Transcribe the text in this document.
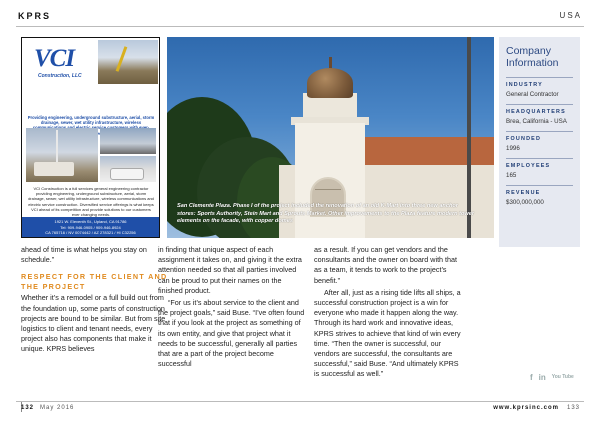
KPRS	USA
VCI
Construction, LLC
Providing engineering, underground substructure, aerial, storm drainage, sewer, wet utility infrastructure, wireless service
VCI Construction is a full services general engineering contractor providing engineering, underground substructure, aerial, storm drainage, sewer, wet utility infrastructure, wireless communications and electric service construction. Diversified service offerings is what keeps VCI ahead of its competition and provide solutions to our customers ever changing needs.
1921 W. Eleventh St., Upland, CA 91786
Tel: 909-946-0905 / 909-946-8924
CA 765716 / NV 0074442 / AZ 278321 / HI C32256
San Clemente Plaza. Phase I of the project included the renovation of an old K-Mart into three new anchor stores: Sports Authority, Stein Mart and Sprouts Market. Other improvements to the Plaza feature modern tower elements on the facade, with copper domes
Company Information
INDUSTRY
General Contractor
HEADQUARTERS
Brea, California - USA
FOUNDED
1996
EMPLOYEES
165
REVENUE
$300,000,000

ahead of time is what helps you stay on schedule.”

RESPECT FOR THE CLIENT AND THE PROJECT

Whether it’s a remodel or a full build out from the foundation up, some parts of construction projects are bound to be similar. But from site logistics to client and tenant needs, every project also has components that make it unique. KPRS believes

in finding that unique aspect of each assignment it takes on, and giving it the extra attention needed so that all parties involved can be proud to put their names on the finished product.

“For us it’s about service to the client and the project goals,” said Buse. “I’ve often found that if you look at the project as something of its own entity, and give that project what it needs to be successful, generally all parties that are a part of the project become successful

as a result. If you can get vendors and the consultants and the owner on board with that as a team, it tends to work to the project’s benefit.”

After all, just as a rising tide lifts all ships, a successful construction project is a win for everyone who made it happen along the way. Through its hard work and innovative ideas, KPRS strives to achieve that kind of win every time. “Then the owner is successful, our vendors are successful, the consultants are successful,” said Buse. “And ultimately KPRS is successful as well.”	f in You Tube
132 May 2016	www.kprsinc.com 133
